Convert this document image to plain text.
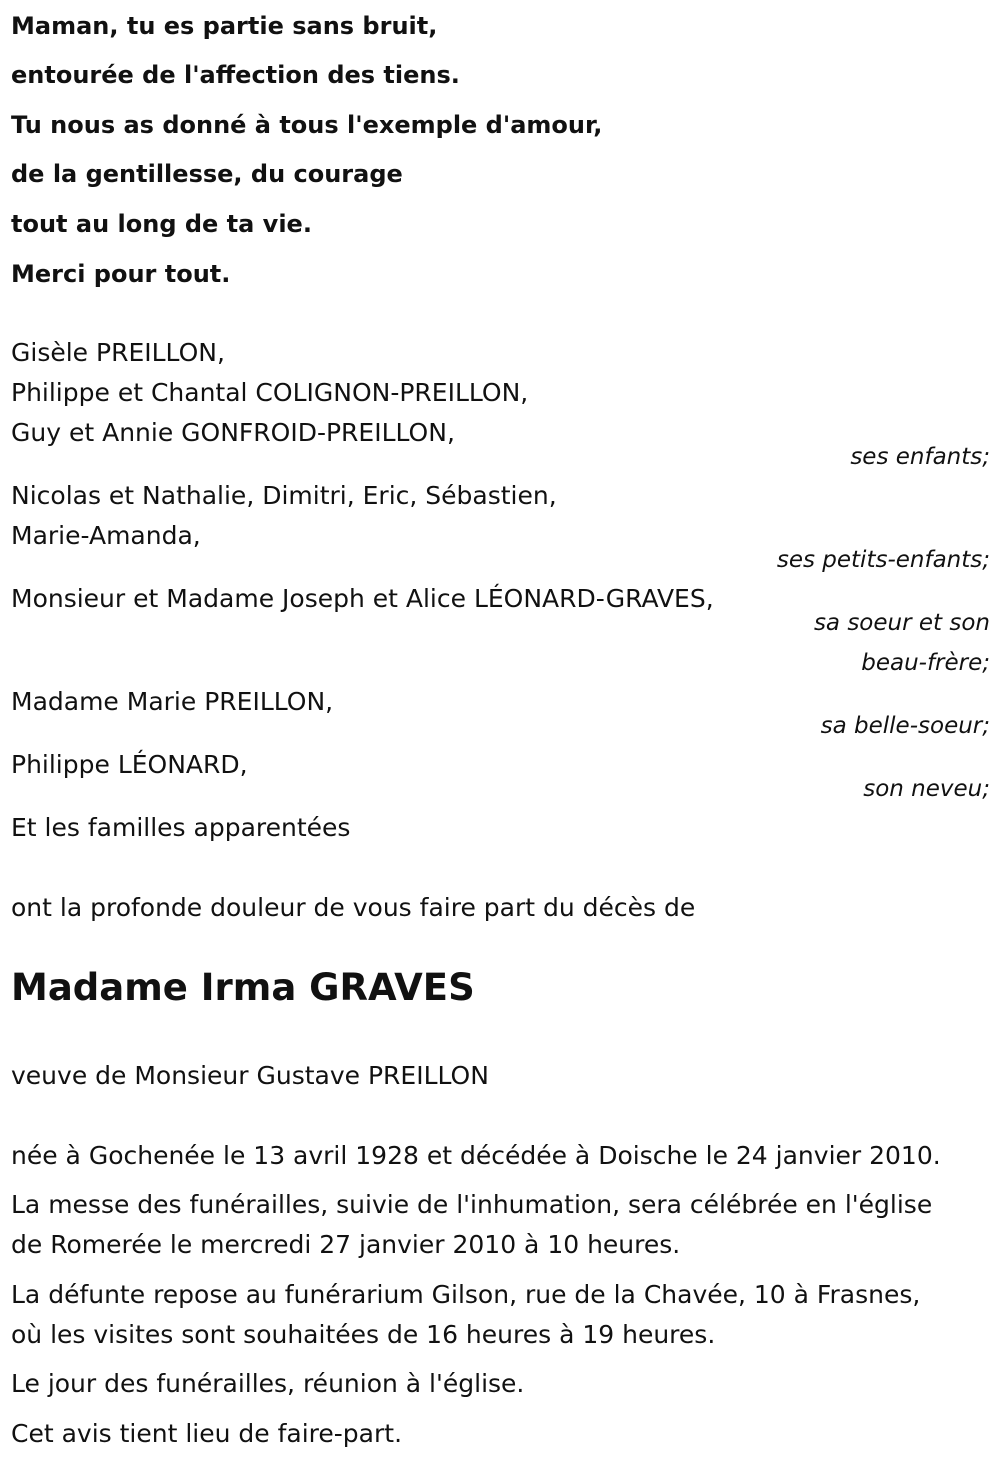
Maman, tu es partie sans bruit,
entourée de l'affection des tiens.
Tu nous as donné à tous l'exemple d'amour,
de la gentillesse, du courage
tout au long de ta vie.
Merci pour tout.
Gisèle PREILLON,
Philippe et Chantal COLIGNON-PREILLON,
Guy et Annie GONFROID-PREILLON,
ses enfants;
Nicolas et Nathalie, Dimitri, Eric, Sébastien,
Marie-Amanda,
ses petits-enfants;
Monsieur et Madame Joseph et Alice LÉONARD-GRAVES,
sa soeur et son
beau-frère;
Madame Marie PREILLON,
sa belle-soeur;
Philippe LÉONARD,
son neveu;
Et les familles apparentées
ont la profonde douleur de vous faire part du décès de
Madame Irma GRAVES
veuve de Monsieur Gustave PREILLON
née à Gochenée le 13 avril 1928 et décédée à Doische le 24 janvier 2010.
La messe des funérailles, suivie de l'inhumation, sera célébrée en l'église
de Romerée le mercredi 27 janvier 2010 à 10 heures.
La défunte repose au funérarium Gilson, rue de la Chavée, 10 à Frasnes,
où les visites sont souhaitées de 16 heures à 19 heures.
Le jour des funérailles, réunion à l'église.
Cet avis tient lieu de faire-part.
